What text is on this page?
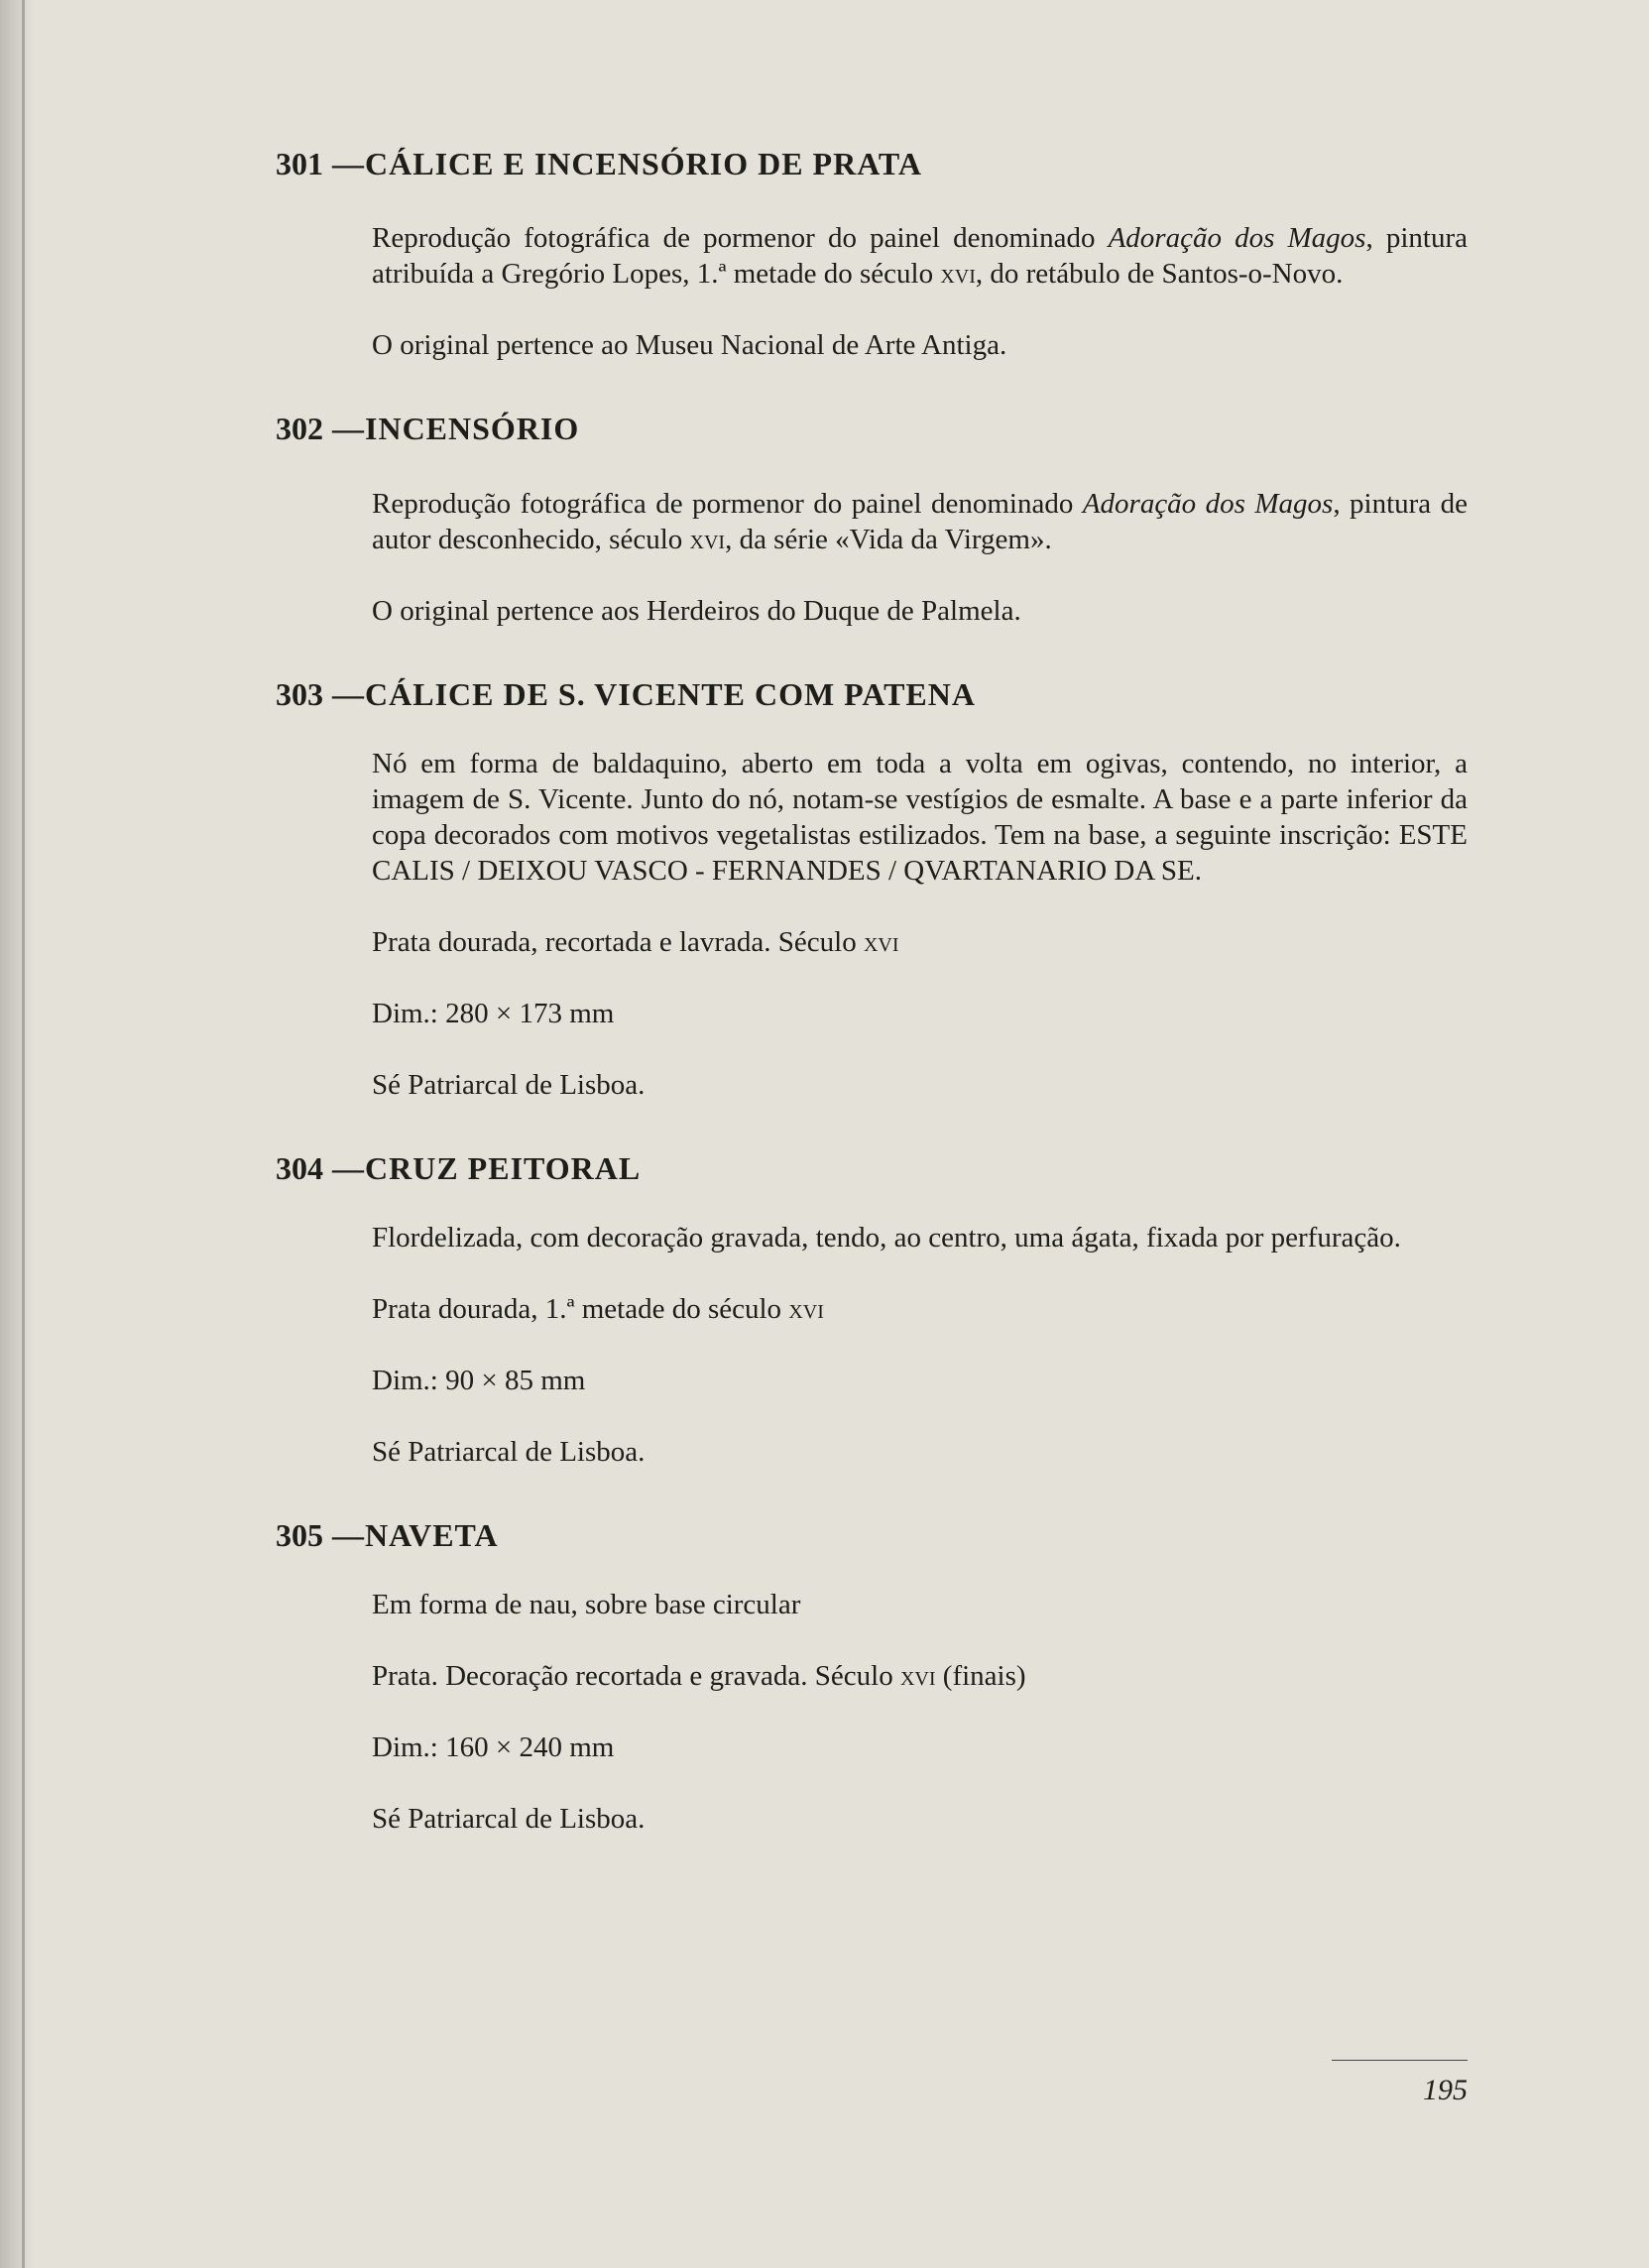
301 —CÁLICE E INCENSÓRIO DE PRATA

Reprodução fotográfica de pormenor do painel denominado Adoração dos Magos, pintura atribuída a Gregório Lopes, 1.ª metade do século xvi, do retábulo de Santos-o-Novo.

O original pertence ao Museu Nacional de Arte Antiga.

302 —INCENSÓRIO

Reprodução fotográfica de pormenor do painel denominado Adoração dos Magos, pintura de autor desconhecido, século xvi, da série «Vida da Virgem».

O original pertence aos Herdeiros do Duque de Palmela.

303 —CÁLICE DE S. VICENTE COM PATENA

Nó em forma de baldaquino, aberto em toda a volta em ogivas, contendo, no interior, a imagem de S. Vicente. Junto do nó, notam-se vestígios de esmalte. A base e a parte inferior da copa decorados com motivos vegetalistas estilizados. Tem na base, a seguinte inscrição: ESTE CALIS / DEIXOU VASCO - FERNANDES / QVARTANARIO DA SE.

Prata dourada, recortada e lavrada. Século xvi

Dim.: 280 × 173 mm

Sé Patriarcal de Lisboa.

304 —CRUZ PEITORAL

Flordelizada, com decoração gravada, tendo, ao centro, uma ágata, fixada por perfuração.

Prata dourada, 1.ª metade do século xvi

Dim.: 90 × 85 mm

Sé Patriarcal de Lisboa.

305 —NAVETA

Em forma de nau, sobre base circular

Prata. Decoração recortada e gravada. Século xvi (finais)

Dim.: 160 × 240 mm

Sé Patriarcal de Lisboa.

195
